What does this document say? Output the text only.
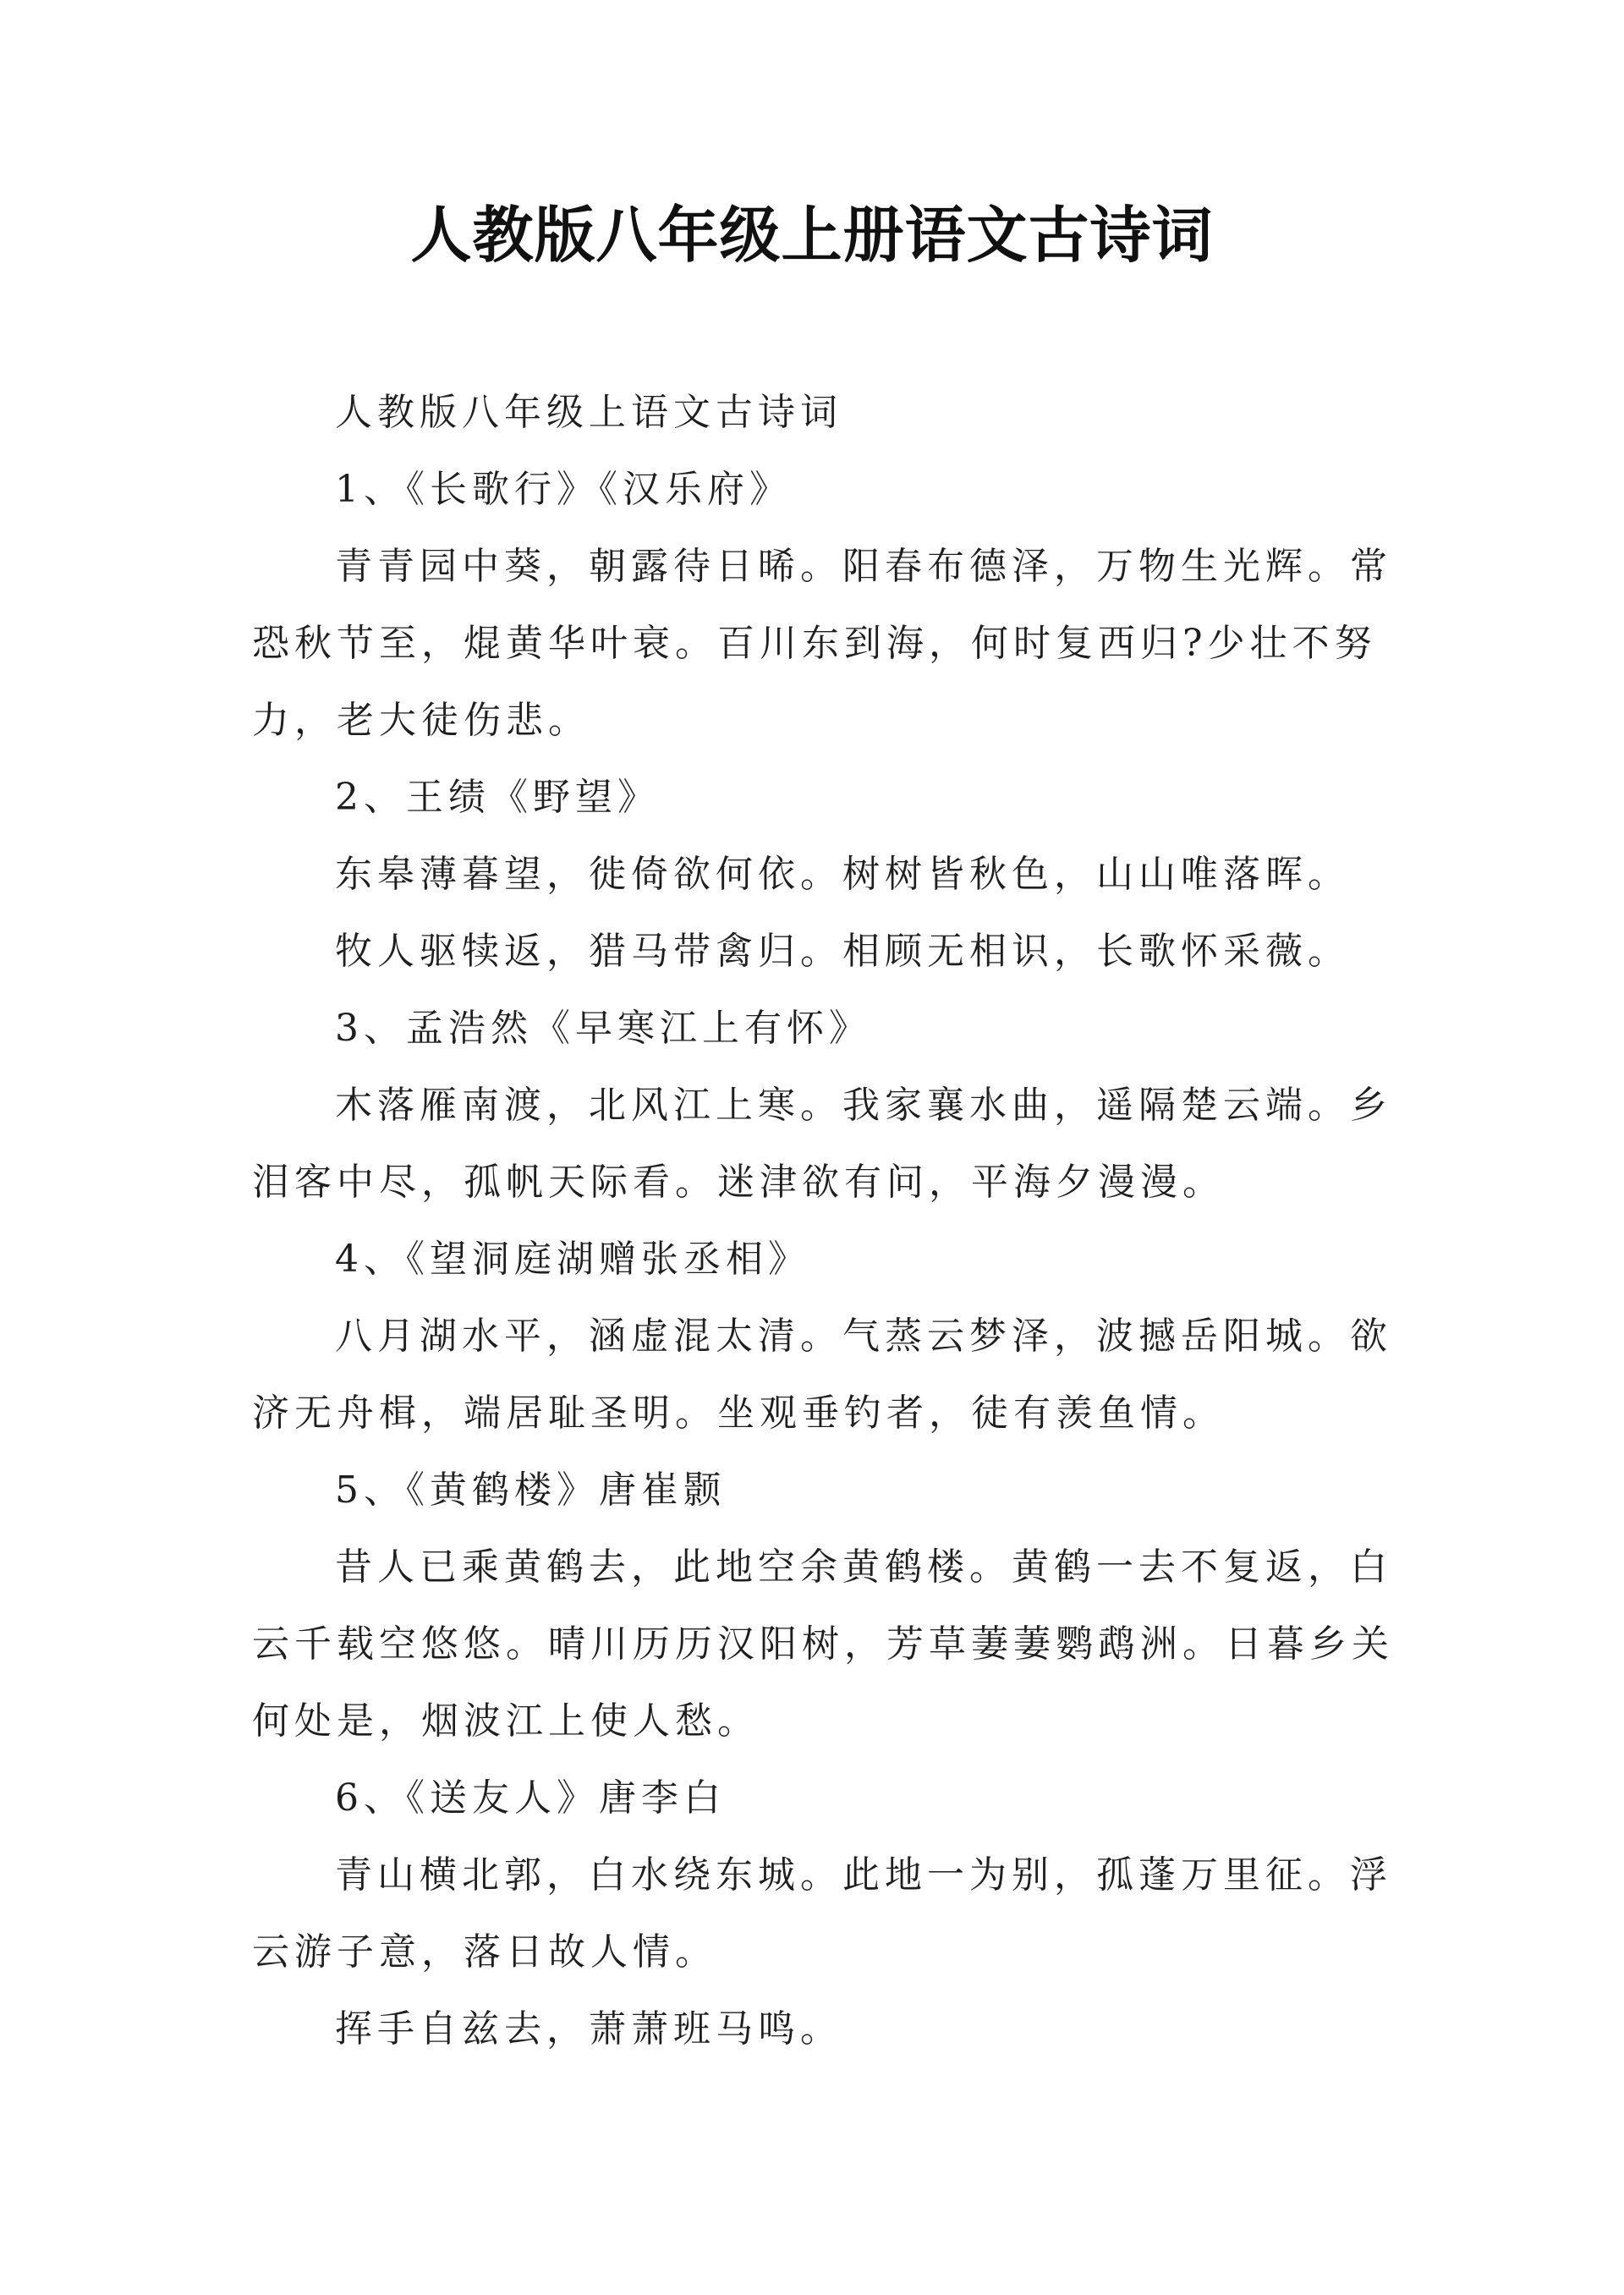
人教版八年级上册语文古诗词

人教版八年级上语文古诗词

1、《长歌行》《汉乐府》

青青园中葵，朝露待日晞。阳春布德泽，万物生光辉。常恐秋节至，焜黄华叶衰。百川东到海，何时复西归?少壮不努力，老大徒伤悲。

2、王绩《野望》

东皋薄暮望，徙倚欲何依。树树皆秋色，山山唯落晖。

牧人驱犊返，猎马带禽归。相顾无相识，长歌怀采薇。

3、孟浩然《早寒江上有怀》

木落雁南渡，北风江上寒。我家襄水曲，遥隔楚云端。乡泪客中尽，孤帆天际看。迷津欲有问，平海夕漫漫。

4、《望洞庭湖赠张丞相》

八月湖水平，涵虚混太清。气蒸云梦泽，波撼岳阳城。欲济无舟楫，端居耻圣明。坐观垂钓者，徒有羡鱼情。

5、《黄鹤楼》唐崔颢

昔人已乘黄鹤去，此地空余黄鹤楼。黄鹤一去不复返，白云千载空悠悠。晴川历历汉阳树，芳草萋萋鹦鹉洲。日暮乡关何处是，烟波江上使人愁。

6、《送友人》唐李白

青山横北郭，白水绕东城。此地一为别，孤蓬万里征。浮云游子意，落日故人情。

挥手自兹去，萧萧班马鸣。
